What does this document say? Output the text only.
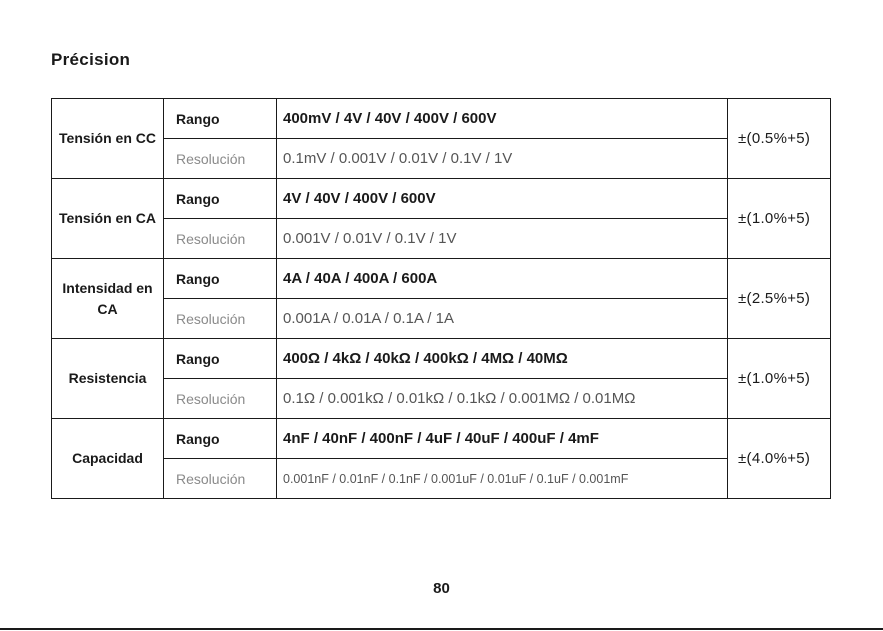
Précision
Tensión en CC	Rango	400mV / 4V / 40V / 400V / 600V	±(0.5%+5)
	Resolución	0.1mV / 0.001V / 0.01V / 0.1V / 1V	
Tensión en CA	Rango	4V / 40V / 400V / 600V	±(1.0%+5)
	Resolución	0.001V / 0.01V / 0.1V / 1V	
Intensidad en CA	Rango	4A / 40A / 400A / 600A	±(2.5%+5)
	Resolución	0.001A / 0.01A / 0.1A / 1A	
Resistencia	Rango	400Ω / 4kΩ / 40kΩ / 400kΩ / 4MΩ / 40MΩ	±(1.0%+5)
	Resolución	0.1Ω / 0.001kΩ / 0.01kΩ / 0.1kΩ / 0.001MΩ / 0.01MΩ	
Capacidad	Rango	4nF / 40nF / 400nF / 4uF / 40uF / 400uF / 4mF	±(4.0%+5)
	Resolución	0.001nF / 0.01nF / 0.1nF / 0.001uF / 0.01uF / 0.1uF / 0.001mF	
80
